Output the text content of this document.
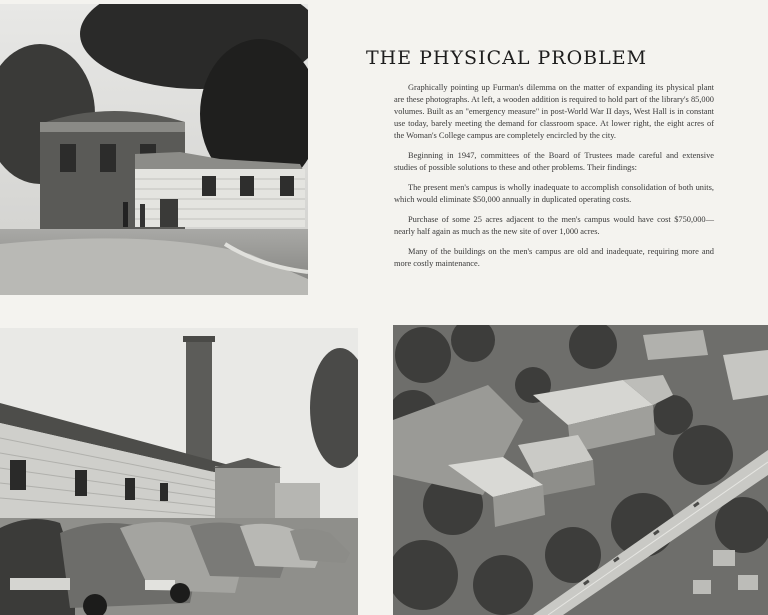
THE PHYSICAL PROBLEM

Graphically pointing up Furman's dilemma on the matter of expanding its physical plant are these photographs. At left, a wooden addition is required to hold part of the library's 85,000 volumes. Built as an "emergency measure" in post-World War II days, West Hall is in constant use today, barely meeting the demand for classroom space. At lower right, the eight acres of the Woman's College campus are completely encircled by the city.

Beginning in 1947, committees of the Board of Trustees made careful and extensive studies of possible solutions to these and other problems. Their findings:

The present men's campus is wholly inadequate to accomplish consolidation of both units, which would eliminate $50,000 annually in duplicated operating costs.

Purchase of some 25 acres adjacent to the men's campus would have cost $750,000—nearly half again as much as the new site of over 1,000 acres.

Many of the buildings on the men's campus are old and inadequate, requiring more and more costly maintenance.
